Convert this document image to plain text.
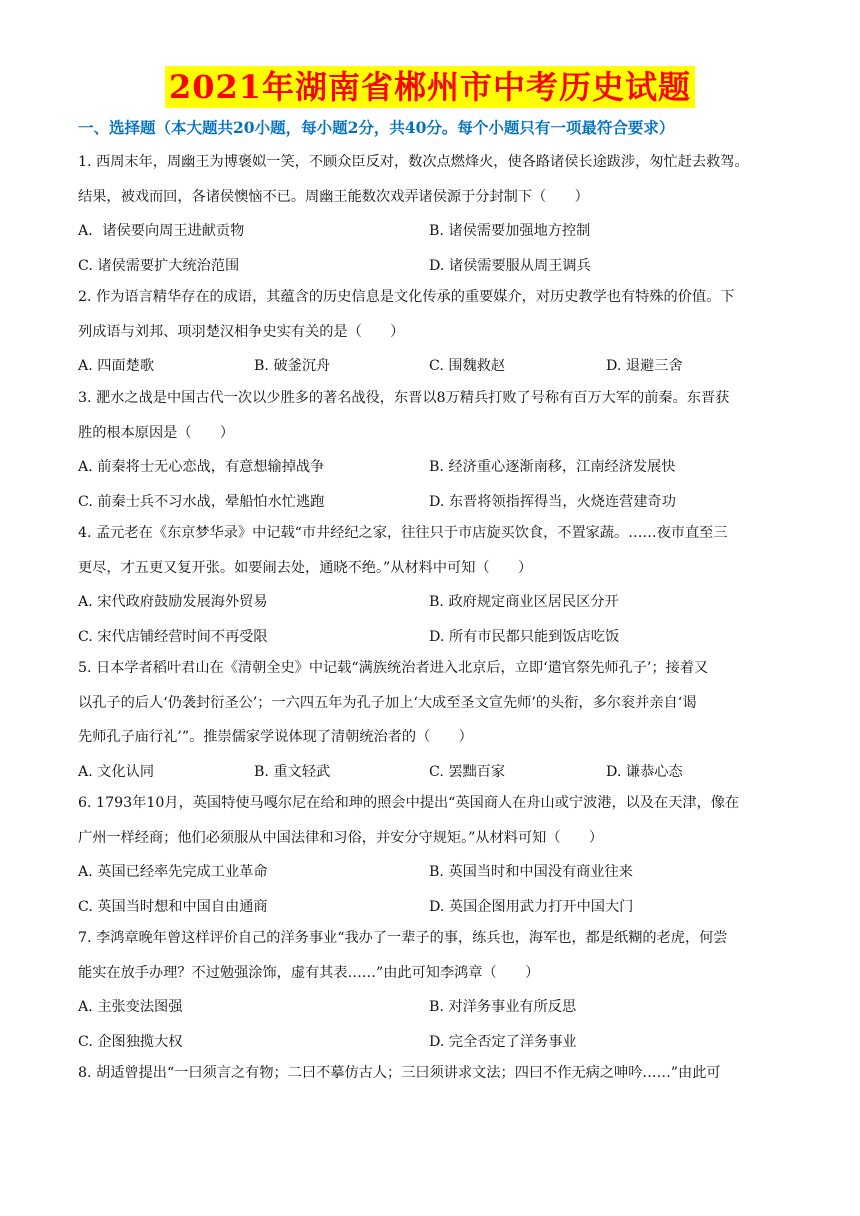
2021年湖南省郴州市中考历史试题
一、选择题（本大题共20小题，每小题2分，共40分。每个小题只有一项最符合要求）

1. 西周末年，周幽王为博褒姒一笑，不顾众臣反对，数次点燃烽火，使各路诸侯长途跋涉，匆忙赶去救驾。

结果，被戏而回，各诸侯懊恼不已。周幽王能数次戏弄诸侯源于分封制下（　　）

A．诸侯要向周王进献贡物	B. 诸侯需要加强地方控制
C. 诸侯需要扩大统治范围	D. 诸侯需要服从周王调兵

2. 作为语言精华存在的成语，其蕴含的历史信息是文化传承的重要媒介，对历史教学也有特殊的价值。下

列成语与刘邦、项羽楚汉相争史实有关的是（　　）

A. 四面楚歌	B. 破釜沉舟	C. 围魏救赵	D. 退避三舍

3. 淝水之战是中国古代一次以少胜多的著名战役，东晋以8万精兵打败了号称有百万大军的前秦。东晋获

胜的根本原因是（　　）

A. 前秦将士无心恋战，有意想输掉战争	B. 经济重心逐渐南移，江南经济发展快
C. 前秦士兵不习水战，晕船怕水忙逃跑	D. 东晋将领指挥得当，火烧连营建奇功

4. 孟元老在《东京梦华录》中记载“市井经纪之家，往往只于市店旋买饮食，不置家蔬。……夜市直至三

更尽，才五更又复开张。如要闹去处，通晓不绝。”从材料中可知（　　）

A. 宋代政府鼓励发展海外贸易	B. 政府规定商业区居民区分开
C. 宋代店铺经营时间不再受限	D. 所有市民都只能到饭店吃饭

5. 日本学者稻叶君山在《清朝全史》中记载“满族统治者进入北京后，立即‘遣官祭先师孔子’；接着又

以孔子的后人‘仍袭封衍圣公’；一六四五年为孔子加上‘大成至圣文宣先师’的头衔，多尔衮并亲自‘谒

先师孔子庙行礼’”。推崇儒家学说体现了清朝统治者的（　　）

A. 文化认同	B. 重文轻武	C. 罢黜百家	D. 谦恭心态

6. 1793年10月，英国特使马嘎尔尼在给和珅的照会中提出“英国商人在舟山或宁波港，以及在天津，像在

广州一样经商；他们必须服从中国法律和习俗，并安分守规矩。”从材料可知（　　）

A. 英国已经率先完成工业革命	B. 英国当时和中国没有商业往来
C. 英国当时想和中国自由通商	D. 英国企图用武力打开中国大门

7. 李鸿章晚年曾这样评价自己的洋务事业“我办了一辈子的事，练兵也，海军也，都是纸糊的老虎，何尝

能实在放手办理？不过勉强涂饰，虚有其表……”由此可知李鸿章（　　）

A. 主张变法图强	B. 对洋务事业有所反思
C. 企图独揽大权	D. 完全否定了洋务事业

8. 胡适曾提出“一曰须言之有物；二曰不摹仿古人；三曰须讲求文法；四曰不作无病之呻吟……”由此可
